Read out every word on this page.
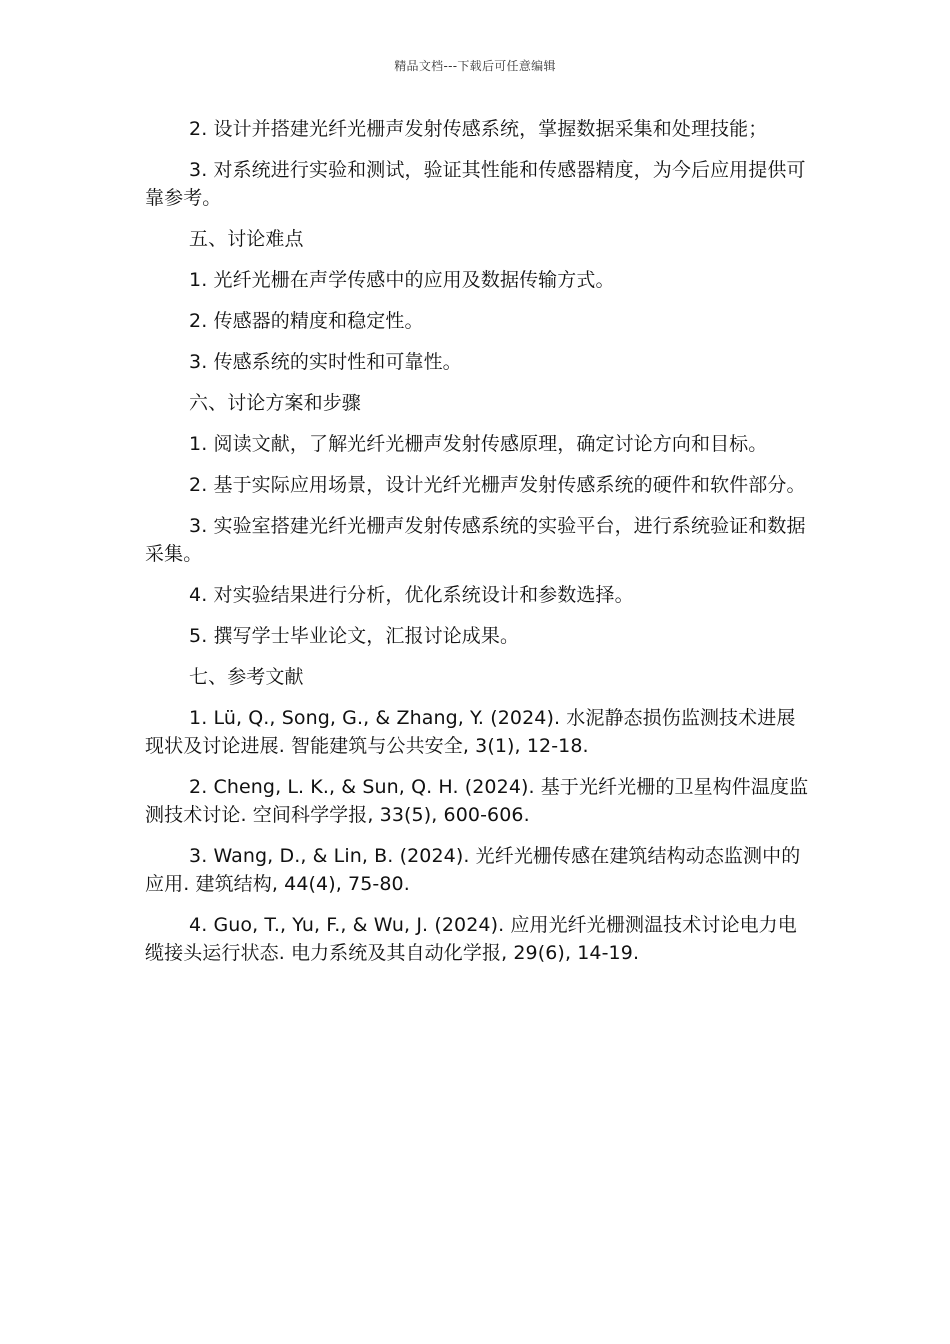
精品文档---下载后可任意编辑

2. 设计并搭建光纤光栅声发射传感系统，掌握数据采集和处理技能；

3. 对系统进行实验和测试，验证其性能和传感器精度，为今后应用提供可靠参考。

五、讨论难点

1. 光纤光栅在声学传感中的应用及数据传输方式。

2. 传感器的精度和稳定性。

3. 传感系统的实时性和可靠性。

六、讨论方案和步骤

1. 阅读文献，了解光纤光栅声发射传感原理，确定讨论方向和目标。

2. 基于实际应用场景，设计光纤光栅声发射传感系统的硬件和软件部分。

3. 实验室搭建光纤光栅声发射传感系统的实验平台，进行系统验证和数据采集。

4. 对实验结果进行分析，优化系统设计和参数选择。

5. 撰写学士毕业论文，汇报讨论成果。

七、参考文献

1. Lü, Q., Song, G., & Zhang, Y. (2024). 水泥静态损伤监测技术进展现状及讨论进展. 智能建筑与公共安全, 3(1), 12-18.

2. Cheng, L. K., & Sun, Q. H. (2024). 基于光纤光栅的卫星构件温度监测技术讨论. 空间科学学报, 33(5), 600-606.

3. Wang, D., & Lin, B. (2024). 光纤光栅传感在建筑结构动态监测中的应用. 建筑结构, 44(4), 75-80.

4. Guo, T., Yu, F., & Wu, J. (2024). 应用光纤光栅测温技术讨论电力电缆接头运行状态. 电力系统及其自动化学报, 29(6), 14-19.
